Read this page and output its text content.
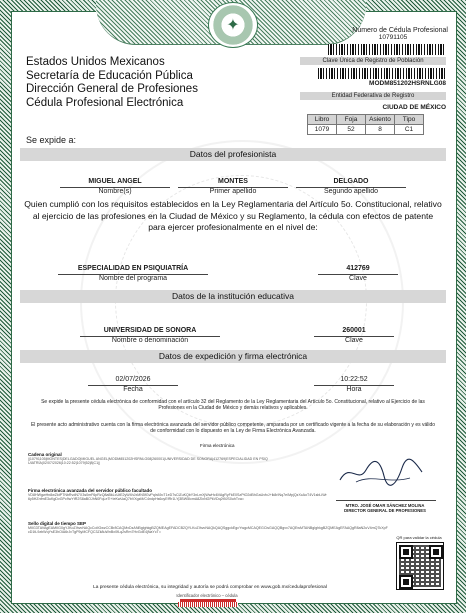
✦
Estados Unidos Mexicanos
Secretaría de Educación Pública
Dirección General de Profesiones
Cédula Profesional Electrónica
Número de Cédula Profesional
10791105
Clave Única de Registro de Población
MODM851202HSRNLG08
Entidad Federativa de Registro
CIUDAD DE MÉXICO
Libro	Foja	Asiento	Tipo
1079	52	8	C1
Se expide a:
Datos del profesionista
MIGUEL ANGEL
Nombre(s)
MONTES
Primer apellido
DELGADO
Segundo apellido
Quien cumplió con los requisitos establecidos en la Ley Reglamentaria del Artículo 5o. Constitucional, relativo al ejercicio de las profesiones en la Ciudad de México y su Reglamento, la cédula con efectos de patente para ejercer profesionalmente en el nivel de:
ESPECIALIDAD EN PSIQUIATRÍA
Nombre del programa
412769
Clave
Datos de la institución educativa
UNIVERSIDAD DE SONORA
Nombre o denominación
260001
Clave
Datos de expedición y firma electrónica
02/07/2026
Fecha
10:22:52
Hora
Se expide la presente cédula electrónica de conformidad con el artículo 32 del Reglamento de la Ley Reglamentaria del Artículo 5o. Constitucional, relativo al Ejercicio de las Profesiones en la Ciudad de México y demás relativos y aplicables.
El presente acto administrativo cuenta con la firma electrónica avanzada del servidor público competente, amparada por un certificado vigente a la fecha de su elaboración y es válido de conformidad con lo dispuesto en la Ley de Firma Electrónica Avanzada.
Firma electrónica
Cadena original
||10791105|MONTES|DELGADO|MIGUEL ANGEL|MODM851202HSRNLG08|260001|UNIVERSIDAD DE SONORA|412769|ESPECIALIDAD EN PSIQUIATRÍA|02/07/2026|10:22:52|1079|52|8|C1||
Firma electrónica avanzada del servidor público facultado
VD8HWgwHn8wZktPTNbRvdN7X3s0mF6pRzQ8aBkLcUtE2yW4hJxMN5fGvPqIrA9oT1eD7sCiZuKQbY3nLmXjWwHc6VAgRyFkE0SzPtO2dBhGaUvfxJ+lk8rINq7e/MpjQzXcAoT4V1sbLiWr6y5HZnfmE3uKgDvGPc9wYtR2S8aBOJhN0FqLeTi+IeKwUaQ7bVXgzM/C4ndpHs6oyEfRr1LYj3BW5IcmA8ZlxNGPkVDq2t9JS0uhTva=
Sello digital de tiempo SEP
MIIG3TAVAgEAMIIG0gYJKoZIhvcNAQcCoIIGwzCCBr8CAQMxDzANBglghkgBZQMEAgEFADCB2QYLKoZIhvcNAQkQAQSggckEgcYwgcMCAQEGCisGAQQBgvx7AQEwMTANBglghkgBZQMEAgEFAAQgR8aN2uV4mQ7kXpFcD1tL9zbWqYsE3hOiA6rJvTgP5yMCFQC3Zk8uWnBx0fLq2sRm7HvGdE4jNaYcT=
MTRO. JOSÉ OMAR SÁNCHEZ MOLINA
DIRECTOR GENERAL DE PROFESIONES
QR para validar la cédula
La presente cédula electrónica, su integridad y autoría se podrá comprobar en www.gob.mx/cedulaprofesional
Identificador electrónico – cédula
